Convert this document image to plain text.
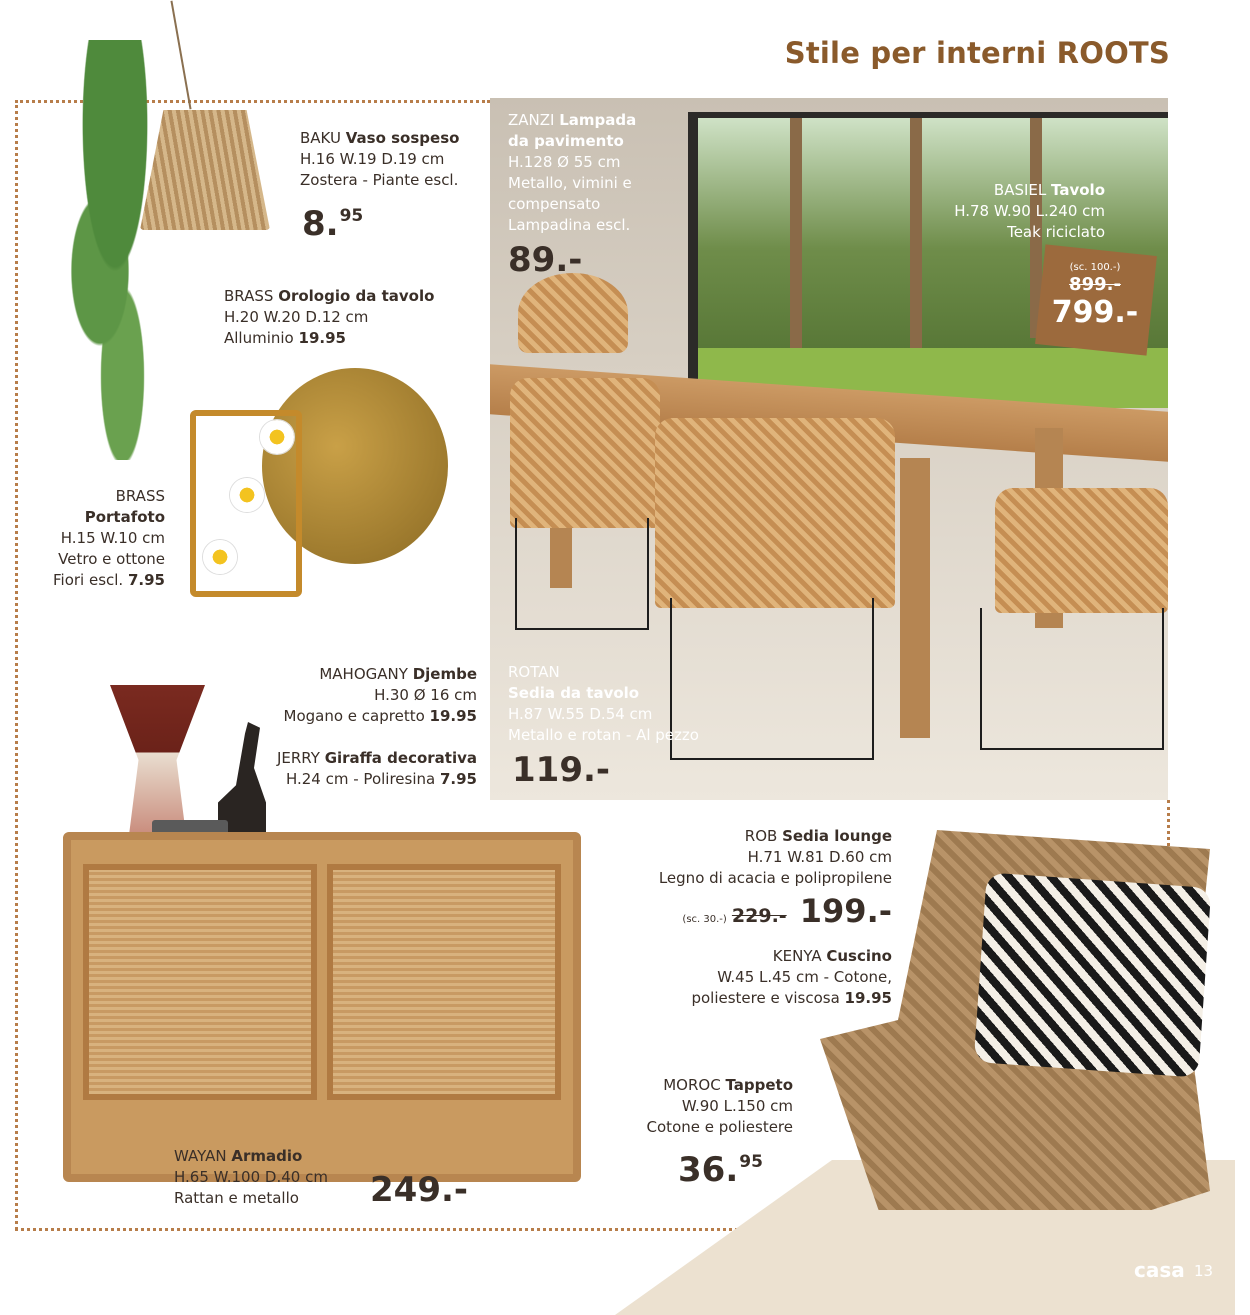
Stile per interni ROOTS
BAKU Vaso sospeso
H.16 W.19 D.19 cm
Zostera - Piante escl.
8.95
BRASS Orologio da tavolo
H.20 W.20 D.12 cm
Alluminio 19.95
BRASS
Portafoto
H.15 W.10 cm
Vetro e ottone
Fiori escl. 7.95
ZANZI Lampada
da pavimento
H.128 Ø 55 cm
Metallo, vimini e
compensato
Lampadina escl.
89.-
BASIEL Tavolo
H.78 W.90 L.240 cm
Teak riciclato
(sc. 100.-)
899.-
799.-
ROTAN
Sedia da tavolo
H.87 W.55 D.54 cm
Metallo e rotan - Al pezzo
119.-
MAHOGANY Djembe
H.30 Ø 16 cm
Mogano e capretto 19.95
JERRY Giraffa decorativa
H.24 cm - Poliresina 7.95
WAYAN Armadio
H.65 W.100 D.40 cm
Rattan e metallo	249.-
ROB Sedia lounge
H.71 W.81 D.60 cm
Legno di acacia e polipropilene
(sc. 30.-) 229.- 199.-
KENYA Cuscino
W.45 L.45 cm - Cotone,
poliestere e viscosa 19.95
MOROC Tappeto
W.90 L.150 cm
Cotone e poliestere
36.95
casa 13
